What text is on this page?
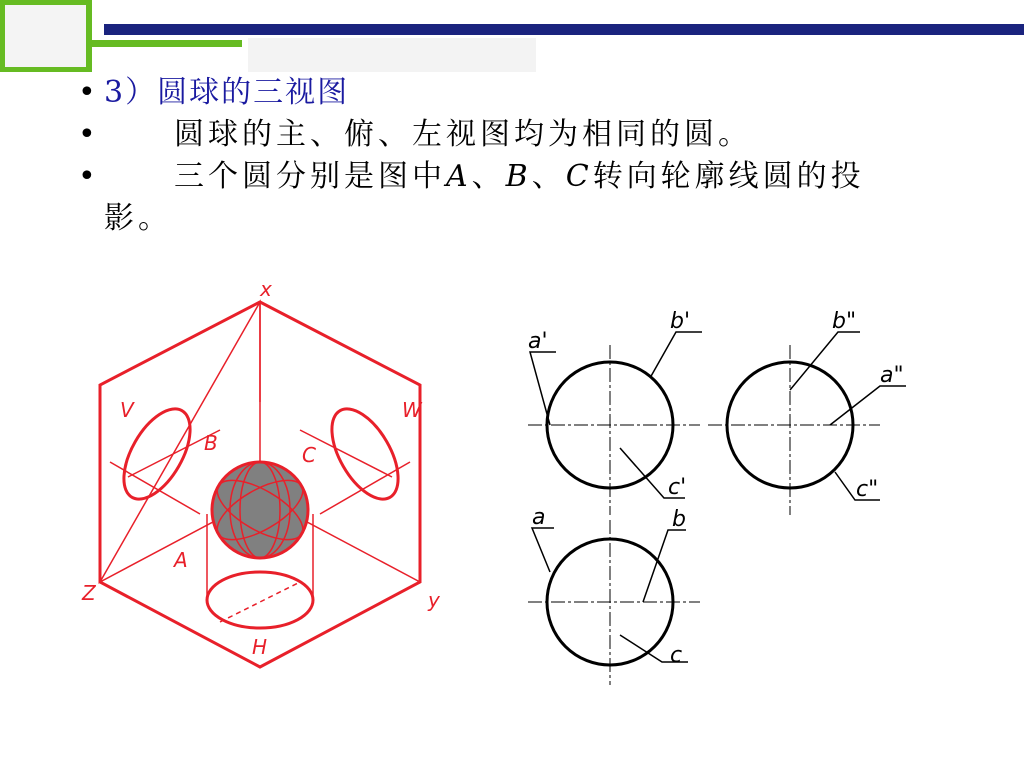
• 3）圆球的三视图
•	圆球的主、俯、左视图均为相同的圆。
•	三个圆分别是图中A、B、C转向轮廓线圆的投
影。
x
V	W
Z	y
H
A
B	C
a'
b'
c'
b"
a"
c"
a	b
c
